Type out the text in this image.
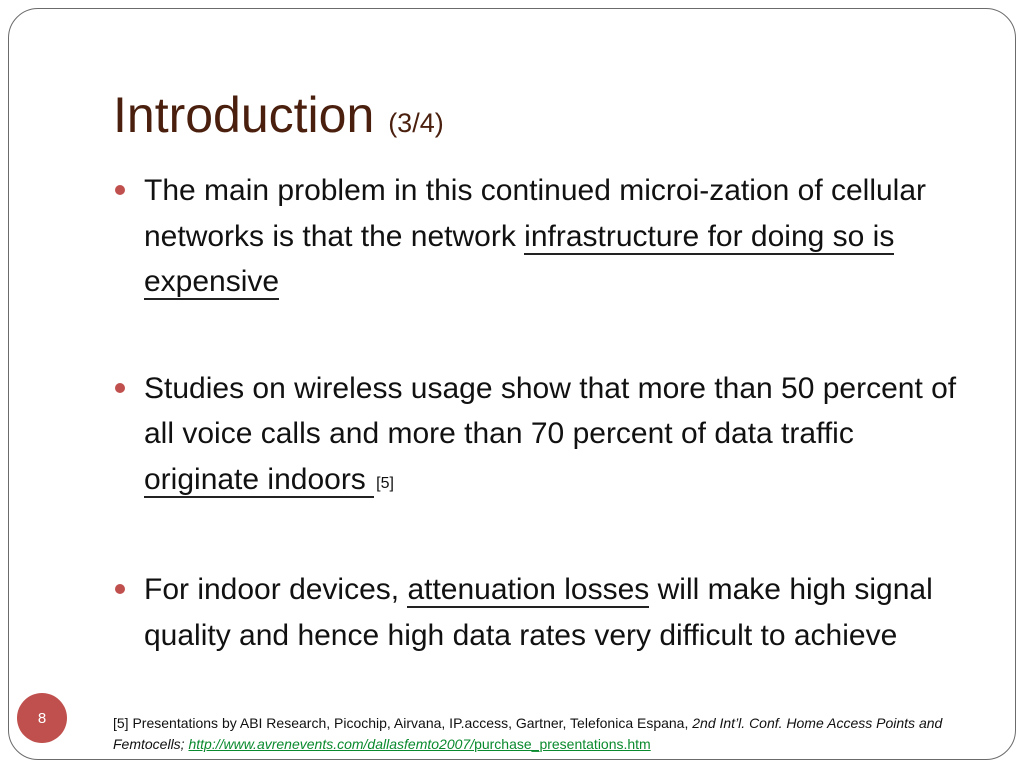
Introduction (3/4)
The main problem in this continued microi-zation of cellular networks is that the network infrastructure for doing so is expensive
Studies on wireless usage show that more than 50 percent of all voice calls and more than 70 percent of data traffic originate indoors [5]
For indoor devices, attenuation losses will make high signal quality and hence high data rates very difficult to achieve
8	[5] Presentations by ABI Research, Picochip, Airvana, IP.access, Gartner, Telefonica Espana, 2nd Int’l. Conf. Home Access Points and Femtocells; http://www.avrenevents.com/dallasfemto2007/purchase_presentations.htm
